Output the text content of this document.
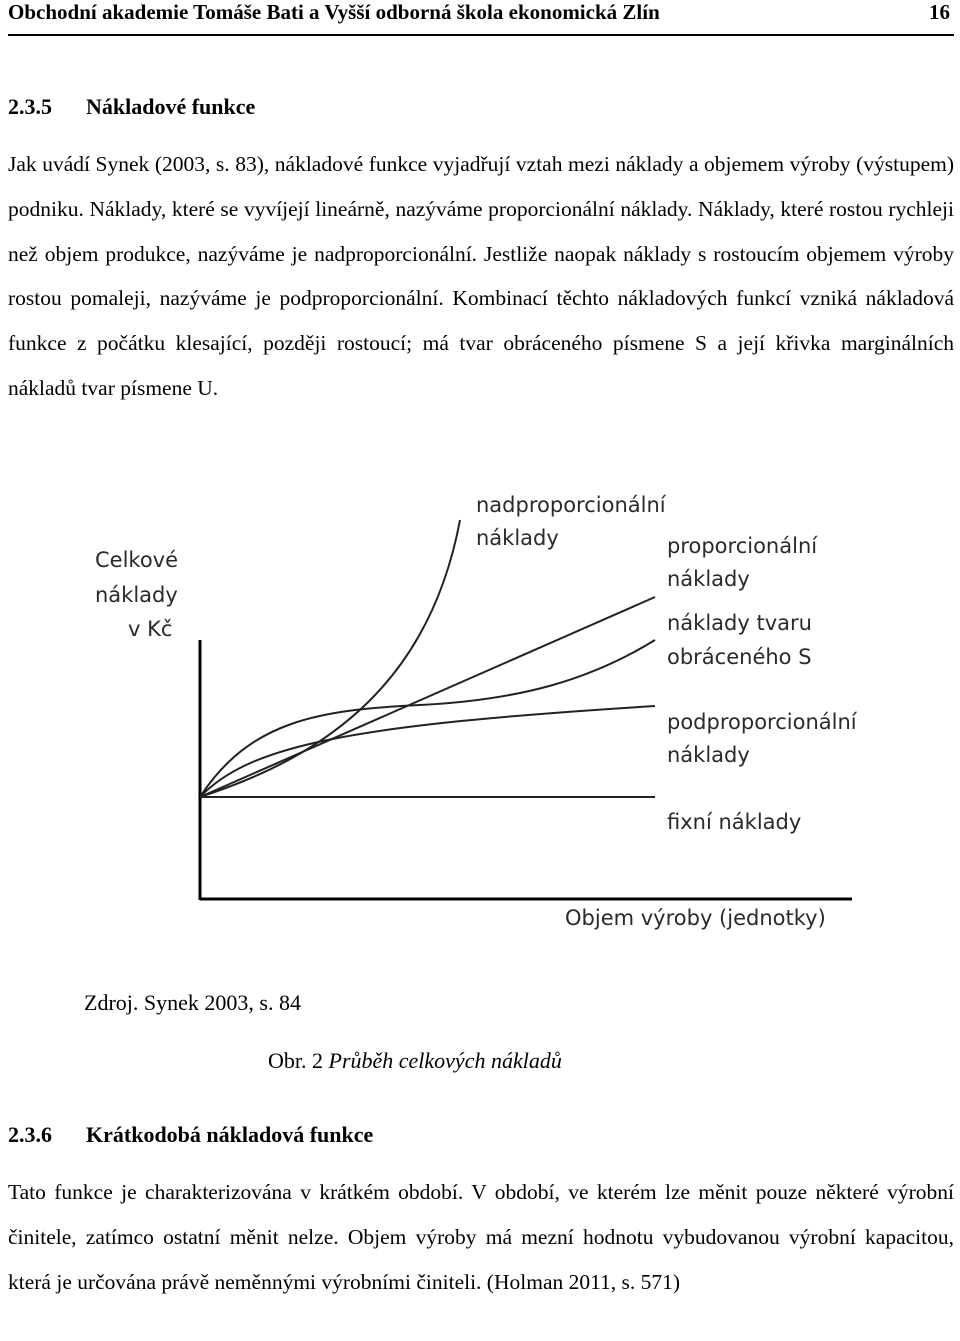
Obchodní akademie Tomáše Bati a Vyšší odborná škola ekonomická Zlín	16
2.3.5 Nákladové funkce
Jak uvádí Synek (2003, s. 83), nákladové funkce vyjadřují vztah mezi náklady a objemem výroby (výstupem) podniku. Náklady, které se vyvíjejí lineárně, nazýváme proporcionální náklady. Náklady, které rostou rychleji než objem produkce, nazýváme je nadproporcionální. Jestliže naopak náklady s rostoucím objemem výroby rostou pomaleji, nazýváme je podproporcionální. Kombinací těchto nákladových funkcí vzniká nákladová funkce z počátku klesající, později rostoucí; má tvar obráceného písmene S a její křivka marginálních nákladů tvar písmene U.
Celkové
náklady
v Kč
nadproporcionální
náklady	proporcionální
náklady
náklady tvaru
obráceného S
podproporcionální
náklady
fixní náklady
Objem výroby (jednotky)
Zdroj. Synek 2003, s. 84
Obr. 2 Průběh celkových nákladů
2.3.6 Krátkodobá nákladová funkce
Tato funkce je charakterizována v krátkém období. V období, ve kterém lze měnit pouze některé výrobní činitele, zatímco ostatní měnit nelze. Objem výroby má mezní hodnotu vybudovanou výrobní kapacitou, která je určována právě neměnnými výrobními činiteli. (Holman 2011, s. 571)
